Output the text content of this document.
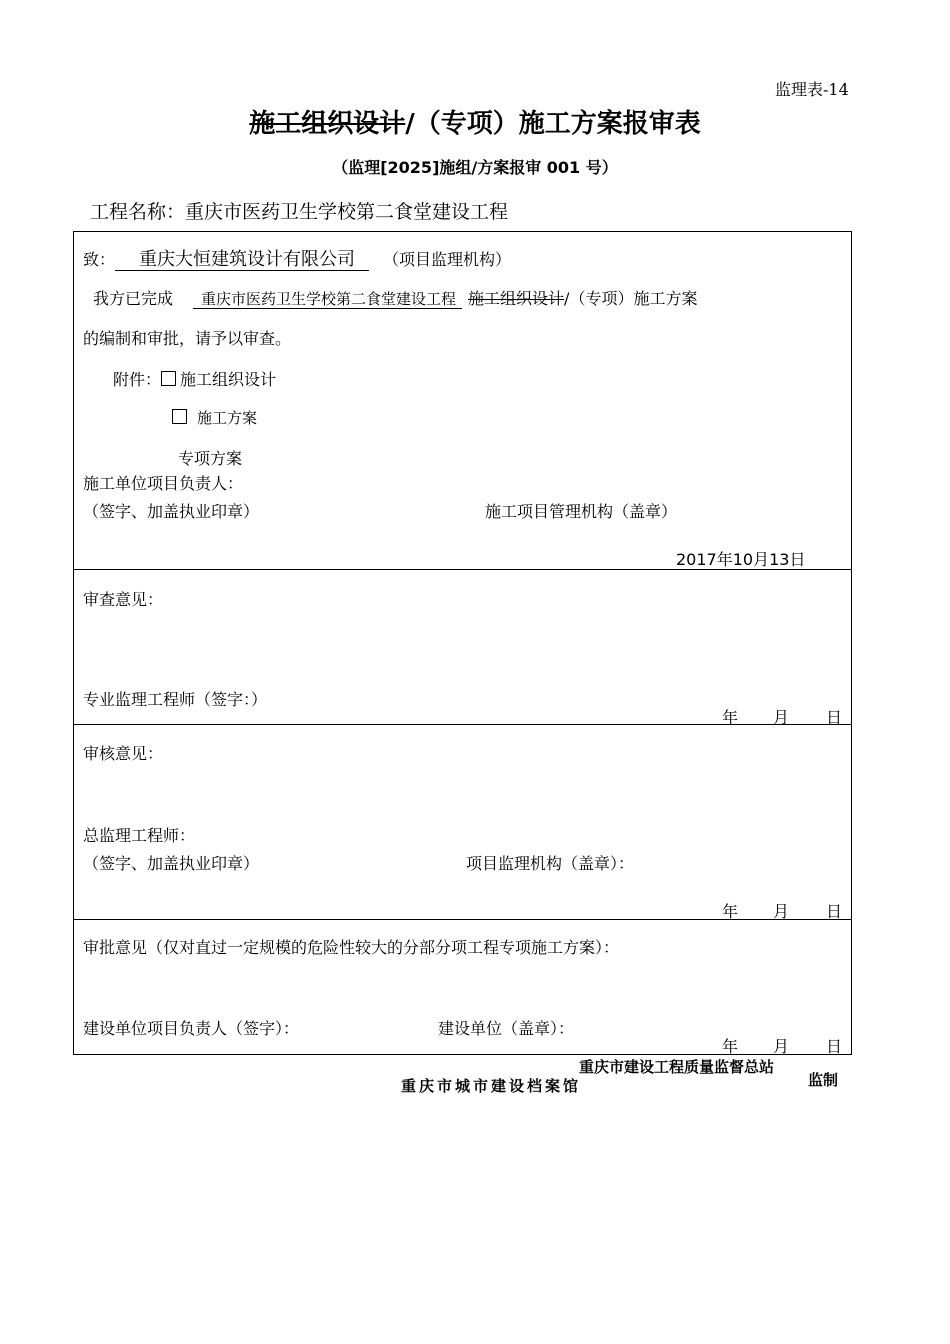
监理表-14
施工组织设计/（专项）施工方案报审表
（监理[2025]施组/方案报审 001 号）
工程名称：重庆市医药卫生学校第二食堂建设工程
致： 重庆大恒建筑设计有限公司 （项目监理机构）
我方已完成 重庆市医药卫生学校第二食堂建设工程 施工组织设计/（专项）施工方案
的编制和审批，请予以审查。
附件： 施工组织设计
施工方案
专项方案
施工单位项目负责人：
（签字、加盖执业印章）	施工项目管理机构（盖章）
2017年10月13日
审查意见：
专业监理工程师（签字：）
年 月 日
审核意见：
总监理工程师：
（签字、加盖执业印章）	项目监理机构（盖章）：
年 月 日
审批意见（仅对直过一定规模的危险性较大的分部分项工程专项施工方案）：
建设单位项目负责人（签字）：	建设单位（盖章）：
年 月 日
重庆市建设工程质量监督总站
重庆市城市建设档案馆	监制
